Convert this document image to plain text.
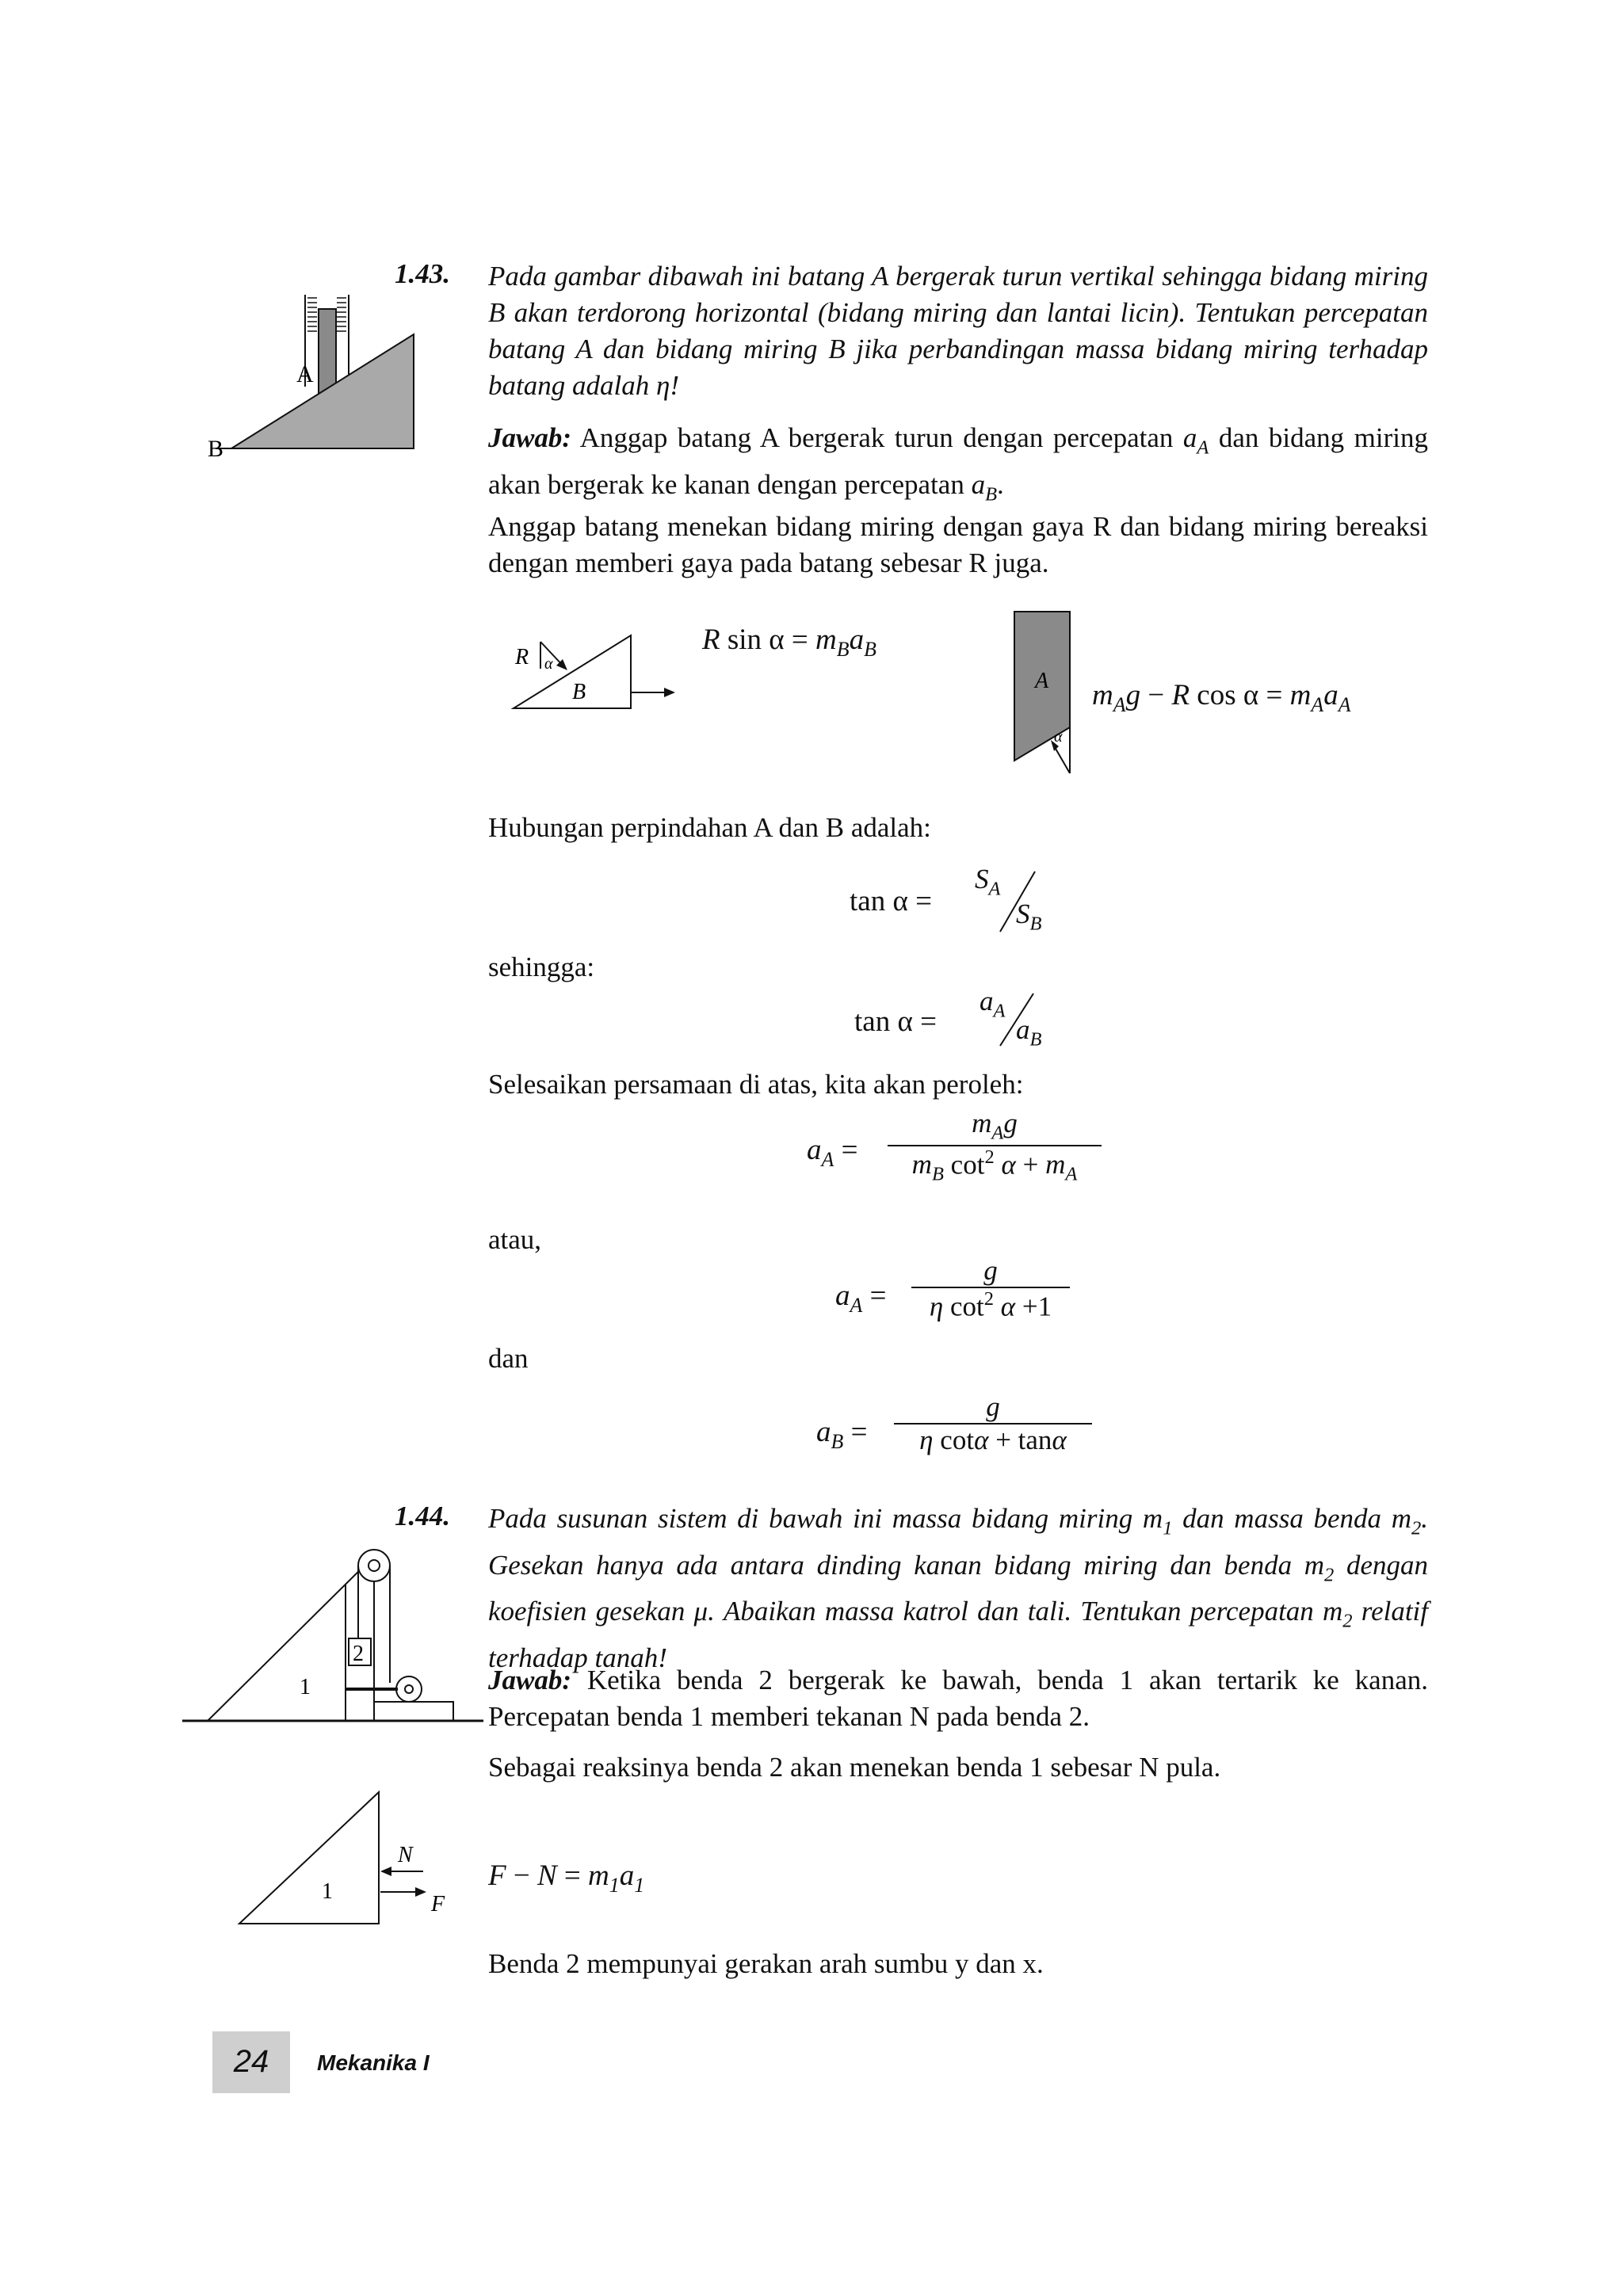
1.43. Pada gambar dibawah ini batang A bergerak turun vertikal sehingga bidang miring B akan terdorong horizontal (bidang miring dan lantai licin). Tentukan percepatan batang A dan bidang miring B jika perbandingan massa bidang miring terhadap batang adalah η!
A
B	Jawab: Anggap batang A bergerak turun dengan percepatan $a_A$ dan bidang miring akan bergerak ke kanan dengan percepatan $a_B$.
Anggap batang menekan bidang miring dengan gaya R dan bidang miring bereaksi dengan memberi gaya pada batang sebesar R juga.
R α
B
R $\sin \alpha = m_Ba_B$
A
α
$m_Ag - R$ $\cos \alpha = m_Aa_A$
Hubungan perpindahan A dan B adalah:
tan α =
$S_A$
$S_B$
sehingga:
tan α =
$a_A$
$a_B$
Selesaikan persamaan di atas, kita akan peroleh:
$a_A$ =
$m_Ag$
$m_B$ $\cot^2 \alpha + m_A$
atau,
$a_A$ =
g
η $\cot^2 \alpha +1$
dan
$a_B$ =
g
η cotα + tanα
1.44. Pada susunan sistem di bawah ini massa bidang miring $m_1$ dan massa benda $m_2$. Gesekan hanya ada antara dinding kanan bidang miring dan benda $m_2$ dengan koefisien gesekan μ. Abaikan massa katrol dan tali. Tentukan percepatan $m_2$ relatif terhadap tanah!
2
1	Jawab: Ketika benda 2 bergerak ke bawah, benda 1 akan tertarik ke kanan. Percepatan benda 1 memberi tekanan N pada benda 2.
Sebagai reaksinya benda 2 akan menekan benda 1 sebesar N pula.
N
F
1	$F - N = m_1a_1$
Benda 2 mempunyai gerakan arah sumbu y dan x.
24	Mekanika I
